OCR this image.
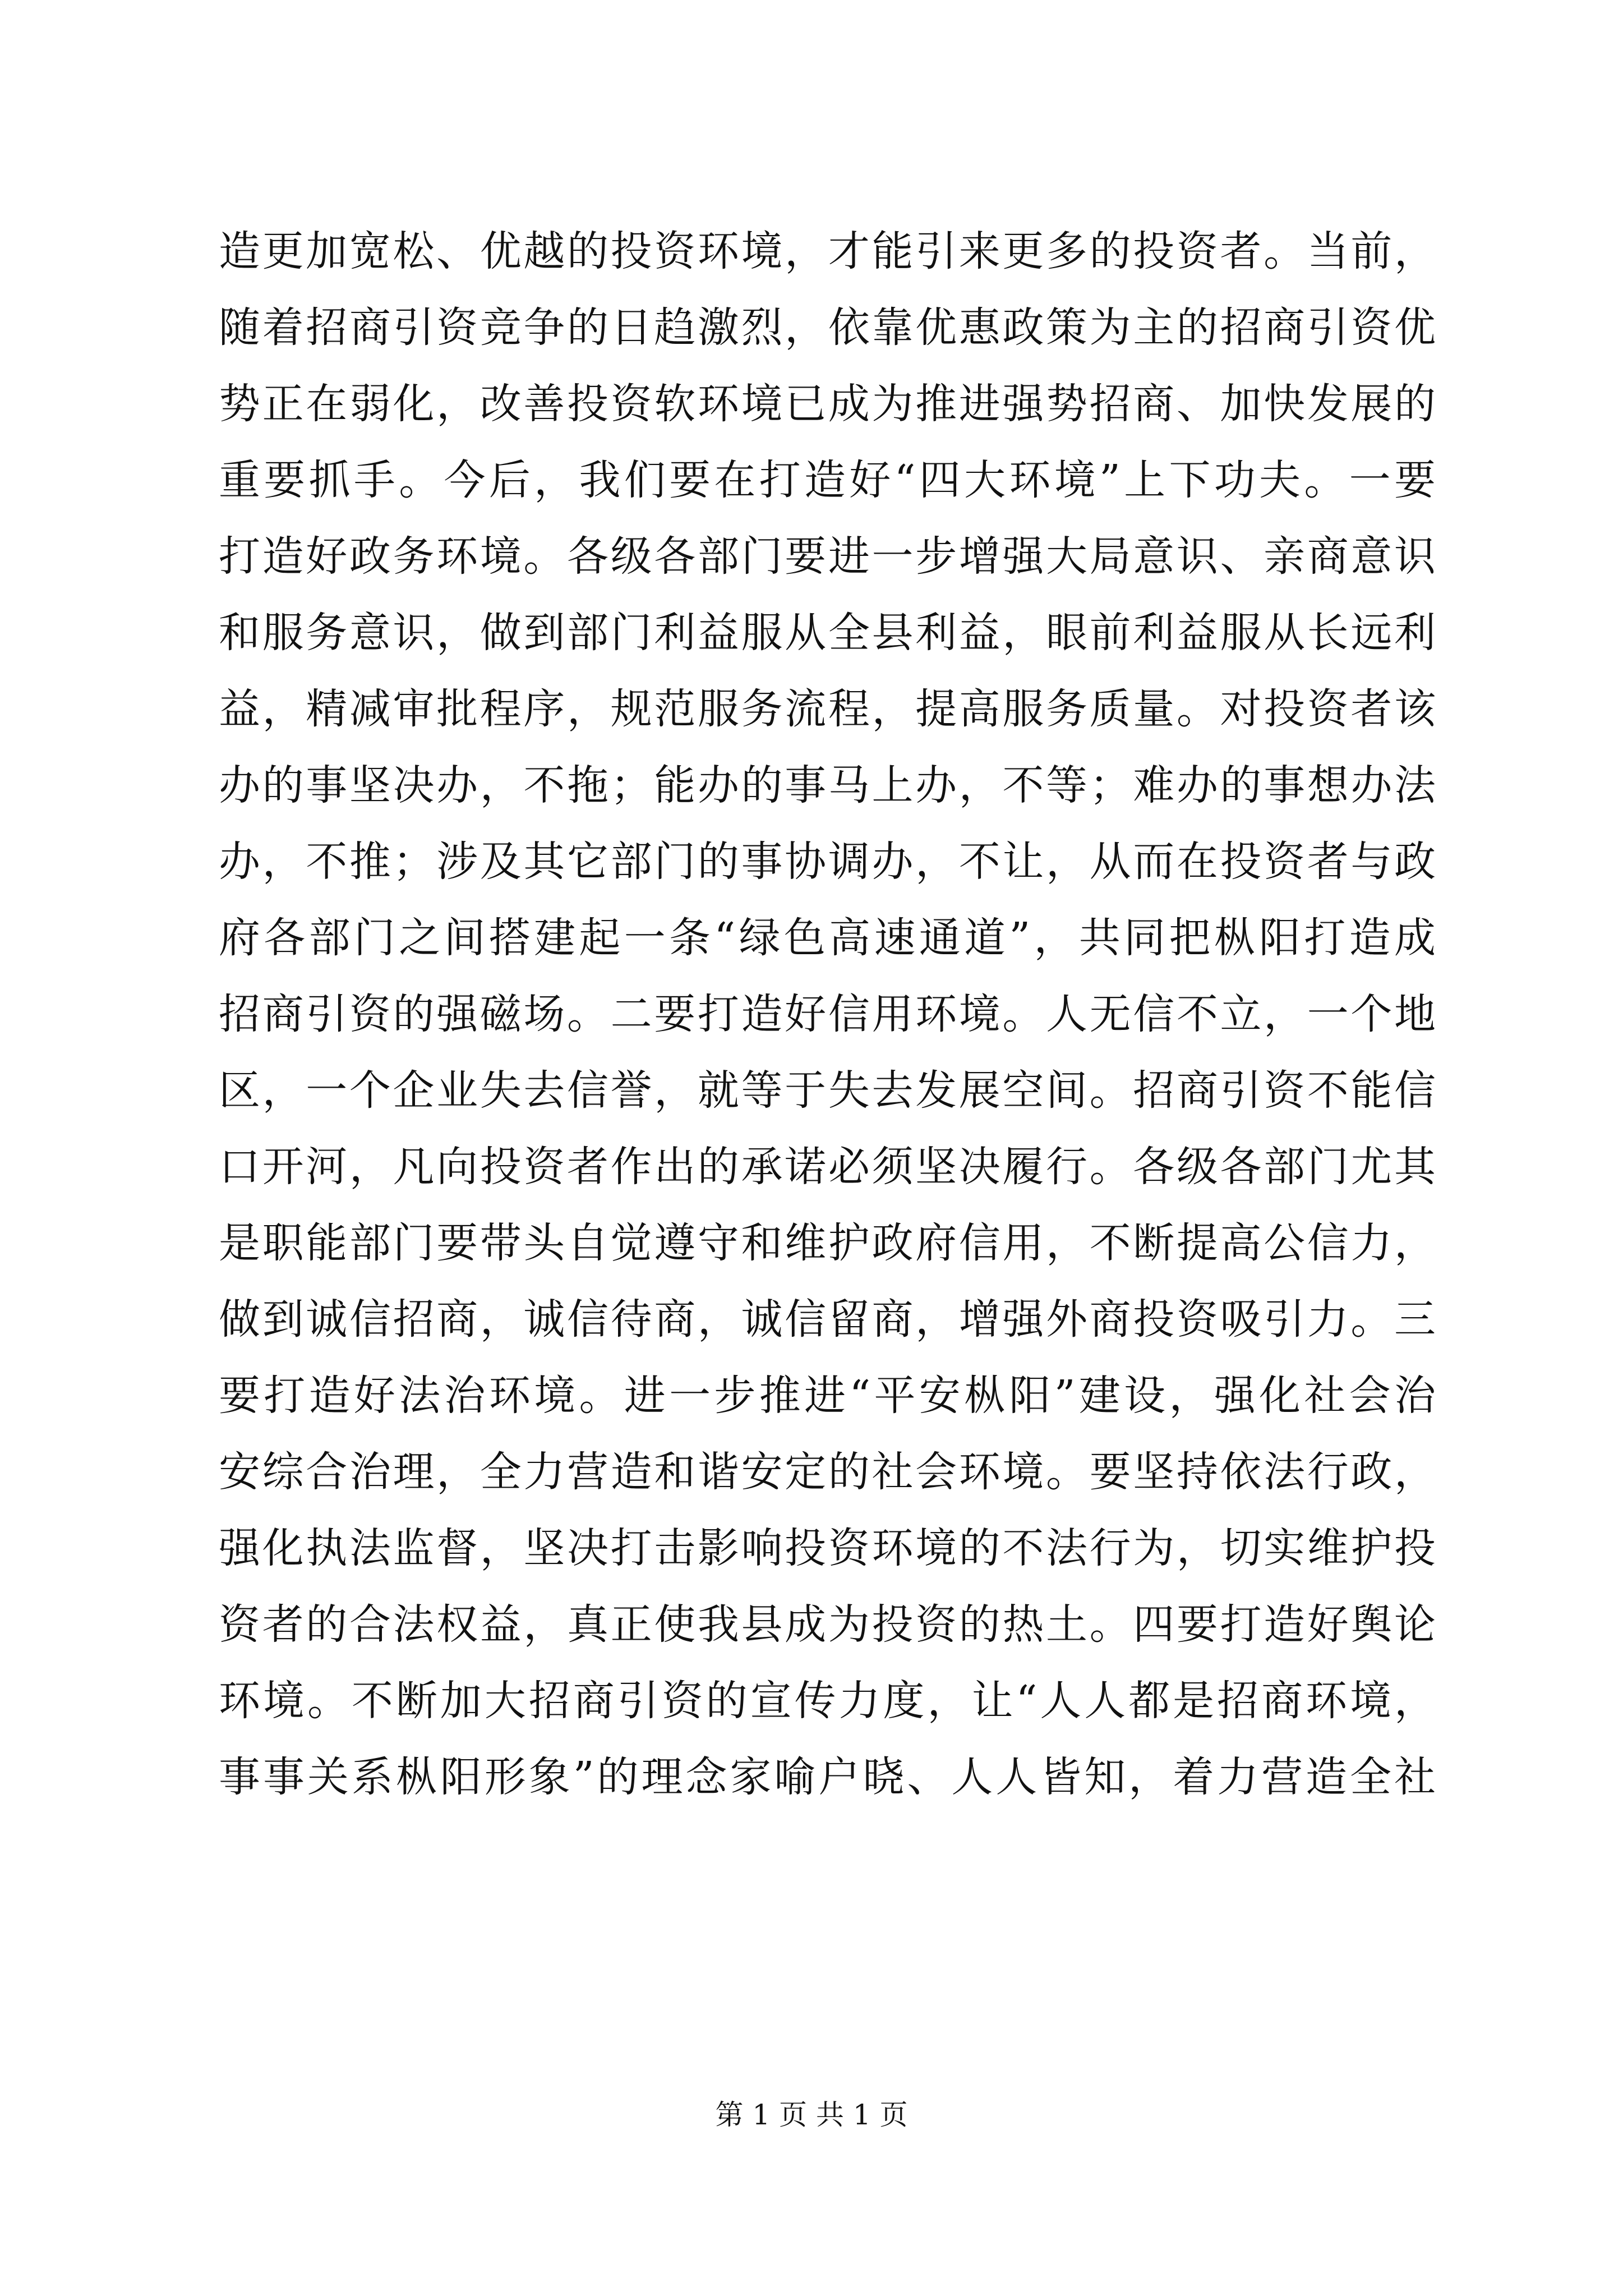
造更加宽松、优越的投资环境，才能引来更多的投资者。当前，
随着招商引资竞争的日趋激烈，依靠优惠政策为主的招商引资优
势正在弱化，改善投资软环境已成为推进强势招商、加快发展的
重要抓手。今后，我们要在打造好“四大环境”上下功夫。一要
打造好政务环境。各级各部门要进一步增强大局意识、亲商意识
和服务意识，做到部门利益服从全县利益，眼前利益服从长远利
益，精减审批程序，规范服务流程，提高服务质量。对投资者该
办的事坚决办，不拖；能办的事马上办，不等；难办的事想办法
办，不推；涉及其它部门的事协调办，不让，从而在投资者与政
府各部门之间搭建起一条“绿色高速通道”，共同把枞阳打造成
招商引资的强磁场。二要打造好信用环境。人无信不立，一个地
区，一个企业失去信誉，就等于失去发展空间。招商引资不能信
口开河，凡向投资者作出的承诺必须坚决履行。各级各部门尤其
是职能部门要带头自觉遵守和维护政府信用，不断提高公信力，
做到诚信招商，诚信待商，诚信留商，增强外商投资吸引力。三
要打造好法治环境。进一步推进“平安枞阳”建设，强化社会治
安综合治理，全力营造和谐安定的社会环境。要坚持依法行政，
强化执法监督，坚决打击影响投资环境的不法行为，切实维护投
资者的合法权益，真正使我县成为投资的热土。四要打造好舆论
环境。不断加大招商引资的宣传力度，让“人人都是招商环境，
事事关系枞阳形象”的理念家喻户晓、人人皆知，着力营造全社
第 1 页 共 1 页
